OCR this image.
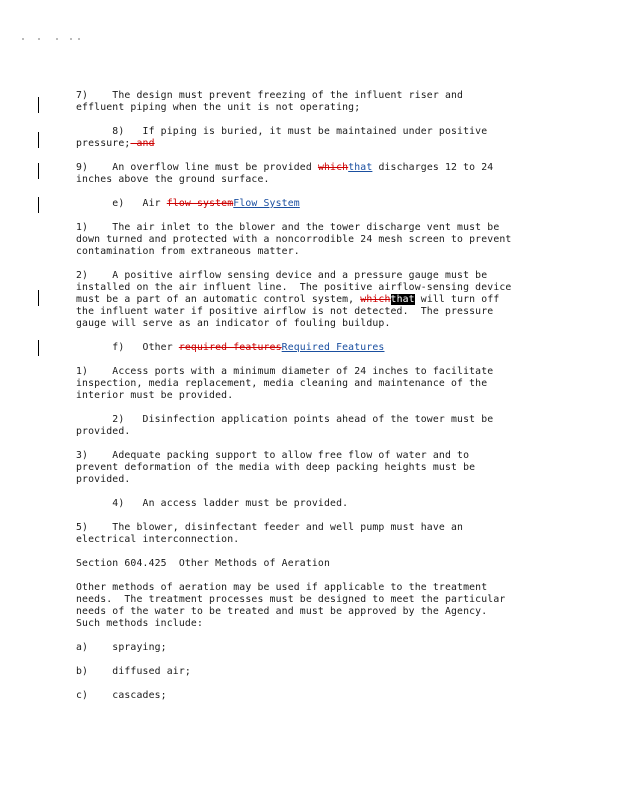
7)    The design must prevent freezing of the influent riser and
effluent piping when the unit is not operating;
8)   If piping is buried, it must be maintained under positive
pressure; and
9)    An overflow line must be provided whichthat discharges 12 to 24
inches above the ground surface.
e)   Air flow systemFlow System
1)    The air inlet to the blower and the tower discharge vent must be
down turned and protected with a noncorrodible 24 mesh screen to prevent
contamination from extraneous matter.
2)    A positive airflow sensing device and a pressure gauge must be
installed on the air influent line.  The positive airflow-sensing device
must be a part of an automatic control system, whichthat will turn off
the influent water if positive airflow is not detected.  The pressure
gauge will serve as an indicator of fouling buildup.
f)   Other required featuresRequired Features
1)    Access ports with a minimum diameter of 24 inches to facilitate
inspection, media replacement, media cleaning and maintenance of the
interior must be provided.
2)   Disinfection application points ahead of the tower must be
provided.
3)    Adequate packing support to allow free flow of water and to
prevent deformation of the media with deep packing heights must be
provided.
4)   An access ladder must be provided.
5)    The blower, disinfectant feeder and well pump must have an
electrical interconnection.
Section 604.425  Other Methods of Aeration
Other methods of aeration may be used if applicable to the treatment
needs.  The treatment processes must be designed to meet the particular
needs of the water to be treated and must be approved by the Agency.
Such methods include:
a)    spraying;
b)    diffused air;
c)    cascades;
